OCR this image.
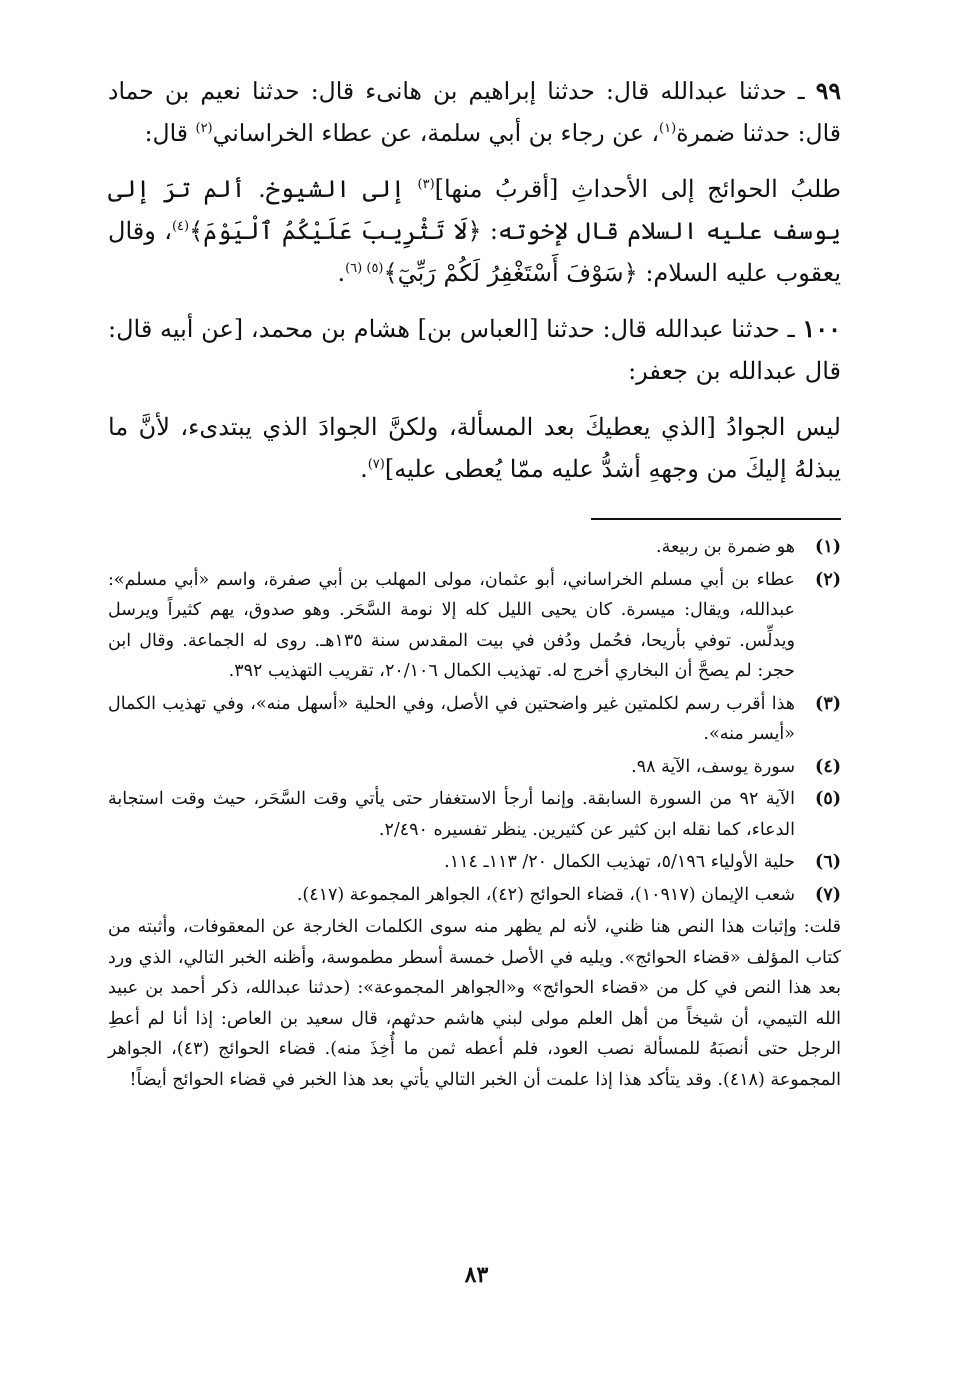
٩٩ ـ حدثنا عبدالله قال: حدثنا إبراهيم بن هانىء قال: حدثنا نعيم بن حماد قال: حدثنا ضمرة$^{(١)}$، عن رجاء بن أبي سلمة، عن عطاء الخراساني$^{(٢)}$ قال:

طلبُ الحوائج إلى الأحداثِ [أقربُ منها]$^{(٣)}$ إلى الشيوخ. ألم ترَ إلى يوسف عليه السلام قال لإخوته: ﴿لَا تَثْرِيبَ عَلَيْكُمُ ٱلْيَوْمَ﴾$^{(٤)}$، وقال يعقوب عليه السلام: ﴿سَوْفَ أَسْتَغْفِرُ لَكُمْ رَبِّيٓ﴾$^{(٥)}$ $^{(٦)}$.

١٠٠ ـ حدثنا عبدالله قال: حدثنا [العباس بن] هشام بن محمد، [عن أبيه قال: قال عبدالله بن جعفر:

ليس الجوادُ [الذي يعطيكَ بعد المسألة، ولكنَّ الجوادَ الذي يبتدىء، لأنَّ ما يبذلهُ إليكَ من وجههِ أشدُّ عليه ممّا يُعطى عليه]$^{(٧)}$.

(١)
هو ضمرة بن ربيعة.
(٢)
عطاء بن أبي مسلم الخراساني، أبو عثمان، مولى المهلب بن أبي صفرة، واسم «أبي مسلم»: عبدالله، ويقال: ميسرة. كان يحيى الليل كله إلا نومة السَّحَر. وهو صدوق، يهم كثيراً ويرسل ويدلِّس. توفي بأريحا، فحُمل ودُفن في بيت المقدس سنة ١٣٥هـ. روى له الجماعة. وقال ابن حجر: لم يصحَّ أن البخاري أخرج له. تهذيب الكمال ٢٠/١٠٦، تقريب التهذيب ٣٩٢.
(٣)
هذا أقرب رسم لكلمتين غير واضحتين في الأصل، وفي الحلية «أسهل منه»، وفي تهذيب الكمال «أيسر منه».
(٤)
سورة يوسف، الآية ٩٨.
(٥)
الآية ٩٢ من السورة السابقة. وإنما أرجأ الاستغفار حتى يأتي وقت السَّحَر، حيث وقت استجابة الدعاء، كما نقله ابن كثير عن كثيرين. ينظر تفسيره ٢/٤٩٠.
(٦)
حلية الأولياء ٥/١٩٦، تهذيب الكمال ٢٠/ ١١٣ـ ١١٤.
(٧)
شعب الإيمان (١٠٩١٧)، قضاء الحوائج (٤٢)، الجواهر المجموعة (٤١٧).

قلت: وإثبات هذا النص هنا ظني، لأنه لم يظهر منه سوى الكلمات الخارجة عن المعقوفات، وأثبته من كتاب المؤلف «قضاء الحوائج». ويليه في الأصل خمسة أسطر مطموسة، وأظنه الخبر التالي، الذي ورد بعد هذا النص في كل من «قضاء الحوائج» و«الجواهر المجموعة»: (حدثنا عبدالله، ذكر أحمد بن عبيد الله التيمي، أن شيخاً من أهل العلم مولى لبني هاشم حدثهم، قال سعيد بن العاص: إذا أنا لم أعطِ الرجل حتى أنصبَهُ للمسألة نصب العود، فلم أعطه ثمن ما أُخِذَ منه). قضاء الحوائج (٤٣)، الجواهر المجموعة (٤١٨). وقد يتأكد هذا إذا علمت أن الخبر التالي يأتي بعد هذا الخبر في قضاء الحوائج أيضاً!

٨٣
